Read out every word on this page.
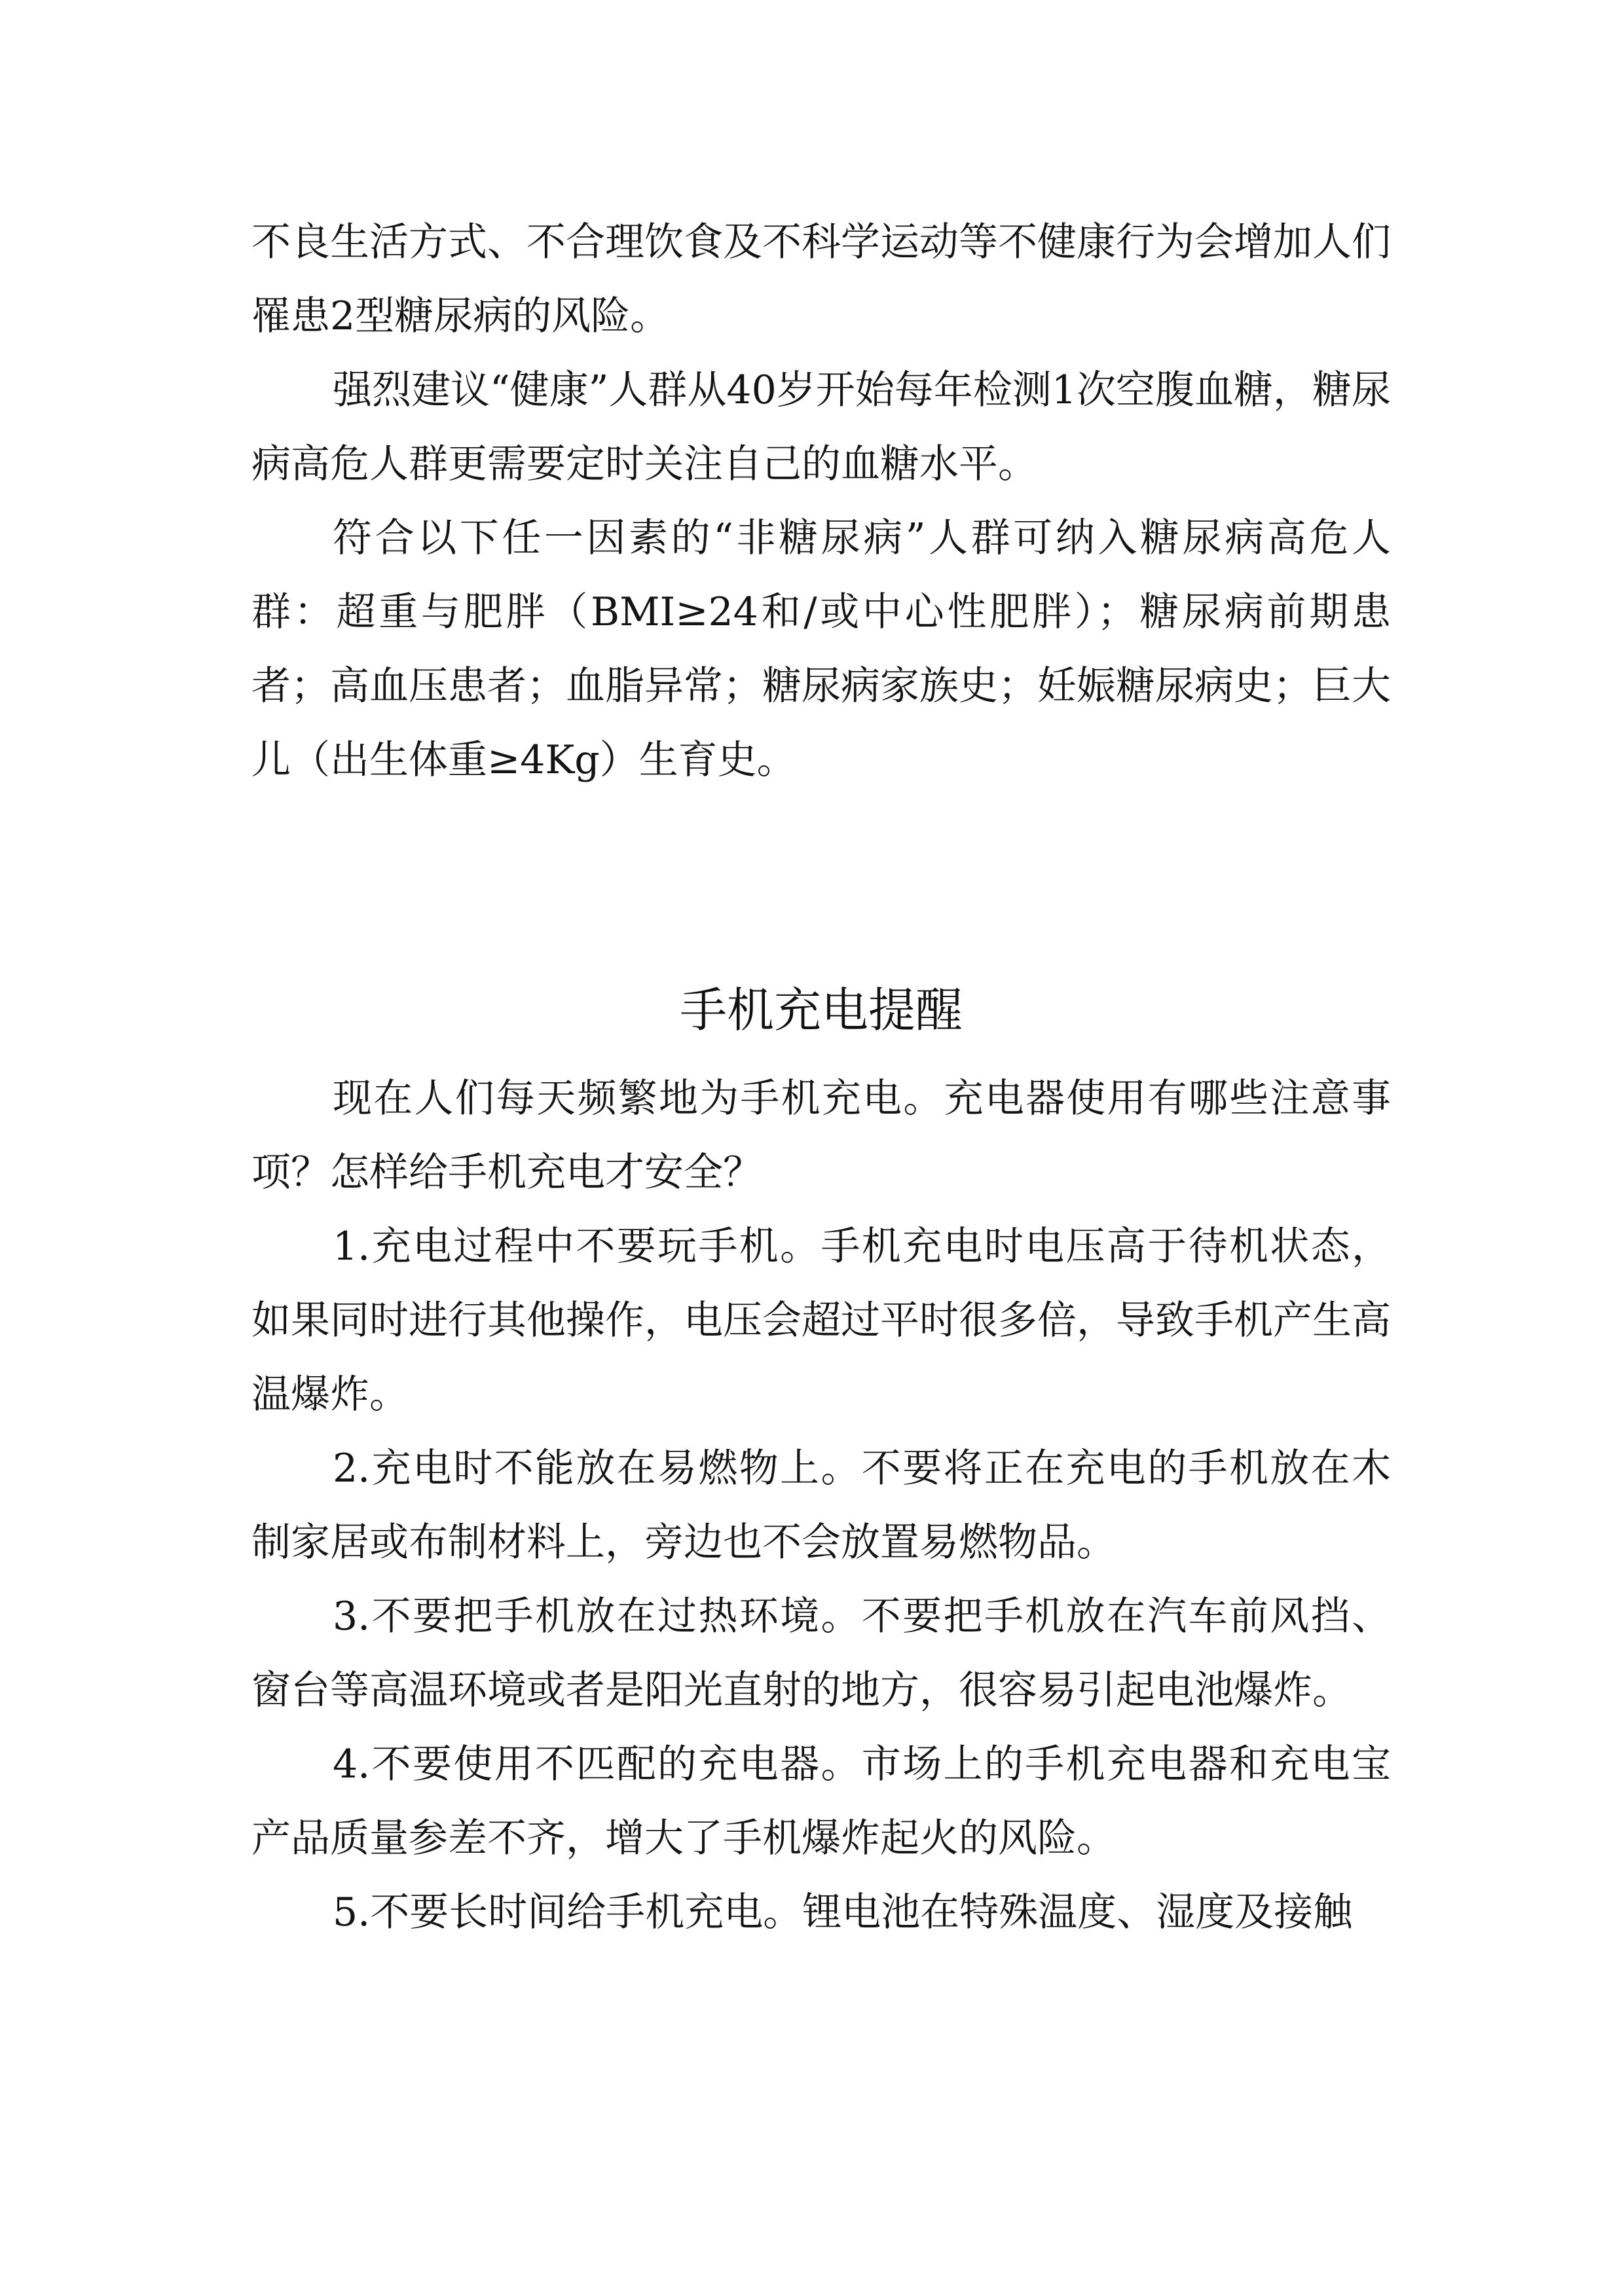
不良生活方式、不合理饮食及不科学运动等不健康行为会增加人们罹患2型糖尿病的风险。

强烈建议“健康”人群从40岁开始每年检测1次空腹血糖，糖尿病高危人群更需要定时关注自己的血糖水平。

符合以下任一因素的“非糖尿病”人群可纳入糖尿病高危人群：超重与肥胖（BMI≥24和/或中心性肥胖）；糖尿病前期患者；高血压患者；血脂异常；糖尿病家族史；妊娠糖尿病史；巨大儿（出生体重≥4Kg）生育史。

手机充电提醒

现在人们每天频繁地为手机充电。充电器使用有哪些注意事项？怎样给手机充电才安全？

1.充电过程中不要玩手机。手机充电时电压高于待机状态，如果同时进行其他操作，电压会超过平时很多倍，导致手机产生高温爆炸。

2.充电时不能放在易燃物上。不要将正在充电的手机放在木制家居或布制材料上，旁边也不会放置易燃物品。

3.不要把手机放在过热环境。不要把手机放在汽车前风挡、窗台等高温环境或者是阳光直射的地方，很容易引起电池爆炸。

4.不要使用不匹配的充电器。市场上的手机充电器和充电宝产品质量参差不齐，增大了手机爆炸起火的风险。

5.不要长时间给手机充电。锂电池在特殊温度、湿度及接触
